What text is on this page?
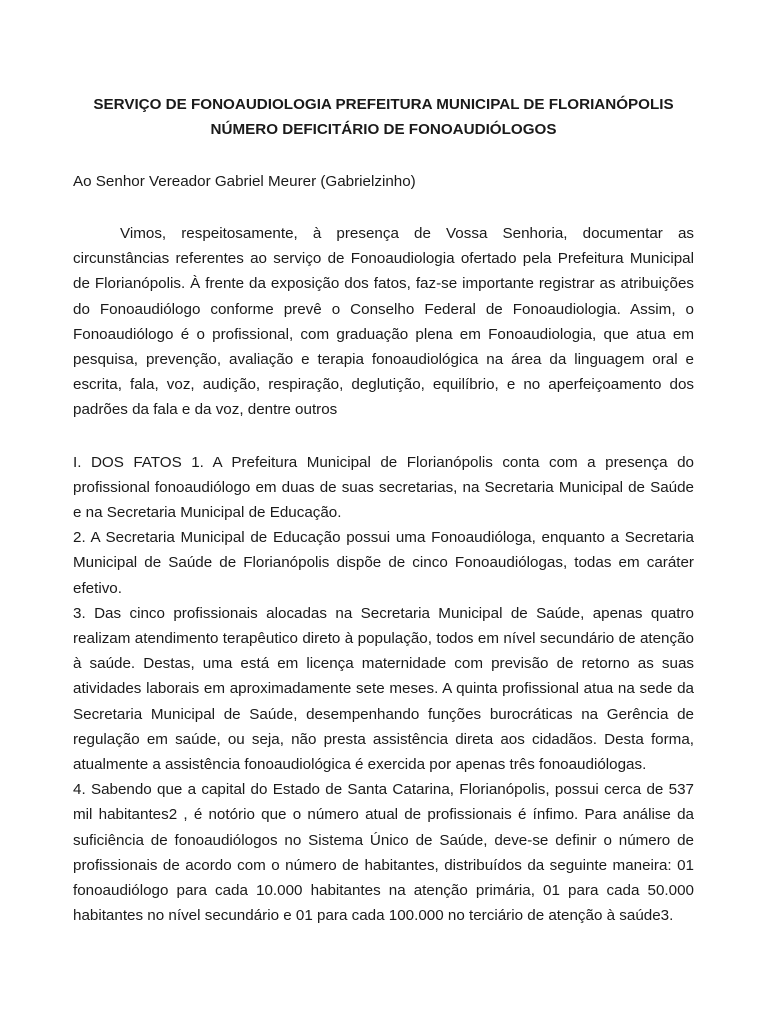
SERVIÇO DE FONOAUDIOLOGIA PREFEITURA MUNICIPAL DE FLORIANÓPOLIS
NÚMERO DEFICITÁRIO DE FONOAUDIÓLOGOS

Ao Senhor Vereador Gabriel Meurer (Gabrielzinho)

Vimos, respeitosamente, à presença de Vossa Senhoria, documentar as circunstâncias referentes ao serviço de Fonoaudiologia ofertado pela Prefeitura Municipal de Florianópolis. À frente da exposição dos fatos, faz-se importante registrar as atribuições do Fonoaudiólogo conforme prevê o Conselho Federal de Fonoaudiologia. Assim, o Fonoaudiólogo é o profissional, com graduação plena em Fonoaudiologia, que atua em pesquisa, prevenção, avaliação e terapia fonoaudiológica na área da linguagem oral e escrita, fala, voz, audição, respiração, deglutição, equilíbrio, e no aperfeiçoamento dos padrões da fala e da voz, dentre outros

I. DOS FATOS 1. A Prefeitura Municipal de Florianópolis conta com a presença do profissional fonoaudiólogo em duas de suas secretarias, na Secretaria Municipal de Saúde e na Secretaria Municipal de Educação.

2. A Secretaria Municipal de Educação possui uma Fonoaudióloga, enquanto a Secretaria Municipal de Saúde de Florianópolis dispõe de cinco Fonoaudiólogas, todas em caráter efetivo.

3. Das cinco profissionais alocadas na Secretaria Municipal de Saúde, apenas quatro realizam atendimento terapêutico direto à população, todos em nível secundário de atenção à saúde. Destas, uma está em licença maternidade com previsão de retorno as suas atividades laborais em aproximadamente sete meses. A quinta profissional atua na sede da Secretaria Municipal de Saúde, desempenhando funções burocráticas na Gerência de regulação em saúde, ou seja, não presta assistência direta aos cidadãos. Desta forma, atualmente a assistência fonoaudiológica é exercida por apenas três fonoaudiólogas.

4. Sabendo que a capital do Estado de Santa Catarina, Florianópolis, possui cerca de 537 mil habitantes2 , é notório que o número atual de profissionais é ínfimo. Para análise da suficiência de fonoaudiólogos no Sistema Único de Saúde, deve-se definir o número de profissionais de acordo com o número de habitantes, distribuídos da seguinte maneira: 01 fonoaudiólogo para cada 10.000 habitantes na atenção primária, 01 para cada 50.000 habitantes no nível secundário e 01 para cada 100.000 no terciário de atenção à saúde3.
